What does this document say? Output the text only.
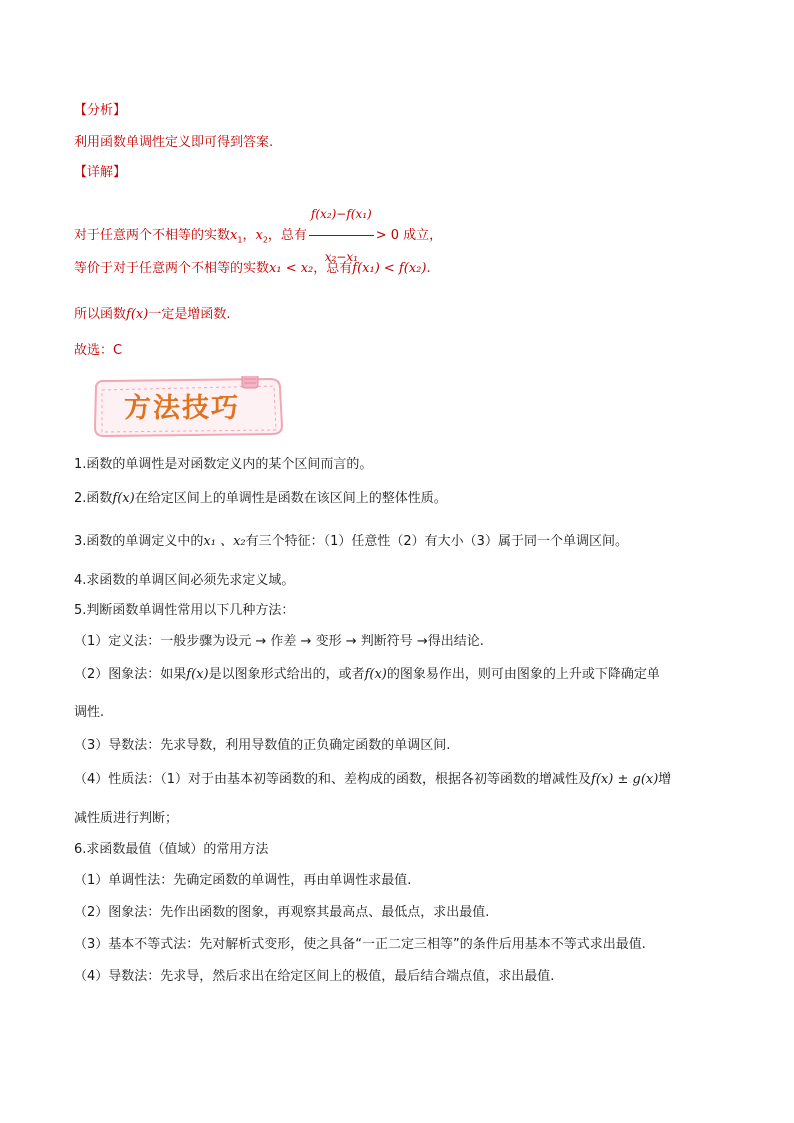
【分析】
利用函数单调性定义即可得到答案.
【详解】
对于任意两个不相等的实数$x_1$，$x_2$，总有 $\frac{\text{f(x₂)−f(x₁)}}{\text{x₂−x₁}} > 0$ 成立，
等价于对于任意两个不相等的实数x₁ < x₂，总有f(x₁) < f(x₂).
所以函数f(x)一定是增函数.
故选：C
方法技巧
1.函数的单调性是对函数定义内的某个区间而言的。
2.函数f(x)在给定区间上的单调性是函数在该区间上的整体性质。
3.函数的单调定义中的x₁ 、x₂有三个特征：（1）任意性（2）有大小（3）属于同一个单调区间。
4.求函数的单调区间必须先求定义域。
5.判断函数单调性常用以下几种方法：
（1）定义法：一般步骤为设元 → 作差 → 变形 → 判断符号 →得出结论.
（2）图象法：如果f(x)是以图象形式给出的，或者f(x)的图象易作出，则可由图象的上升或下降确定单
调性.
（3）导数法：先求导数，利用导数值的正负确定函数的单调区间.
（4）性质法：（1）对于由基本初等函数的和、差构成的函数，根据各初等函数的增减性及f(x) ± g(x)增
减性质进行判断；
6.求函数最值（值域）的常用方法
（1）单调性法：先确定函数的单调性，再由单调性求最值.
（2）图象法：先作出函数的图象，再观察其最高点、最低点，求出最值.
（3）基本不等式法：先对解析式变形，使之具备“一正二定三相等”的条件后用基本不等式求出最值.
（4）导数法：先求导，然后求出在给定区间上的极值，最后结合端点值，求出最值.
